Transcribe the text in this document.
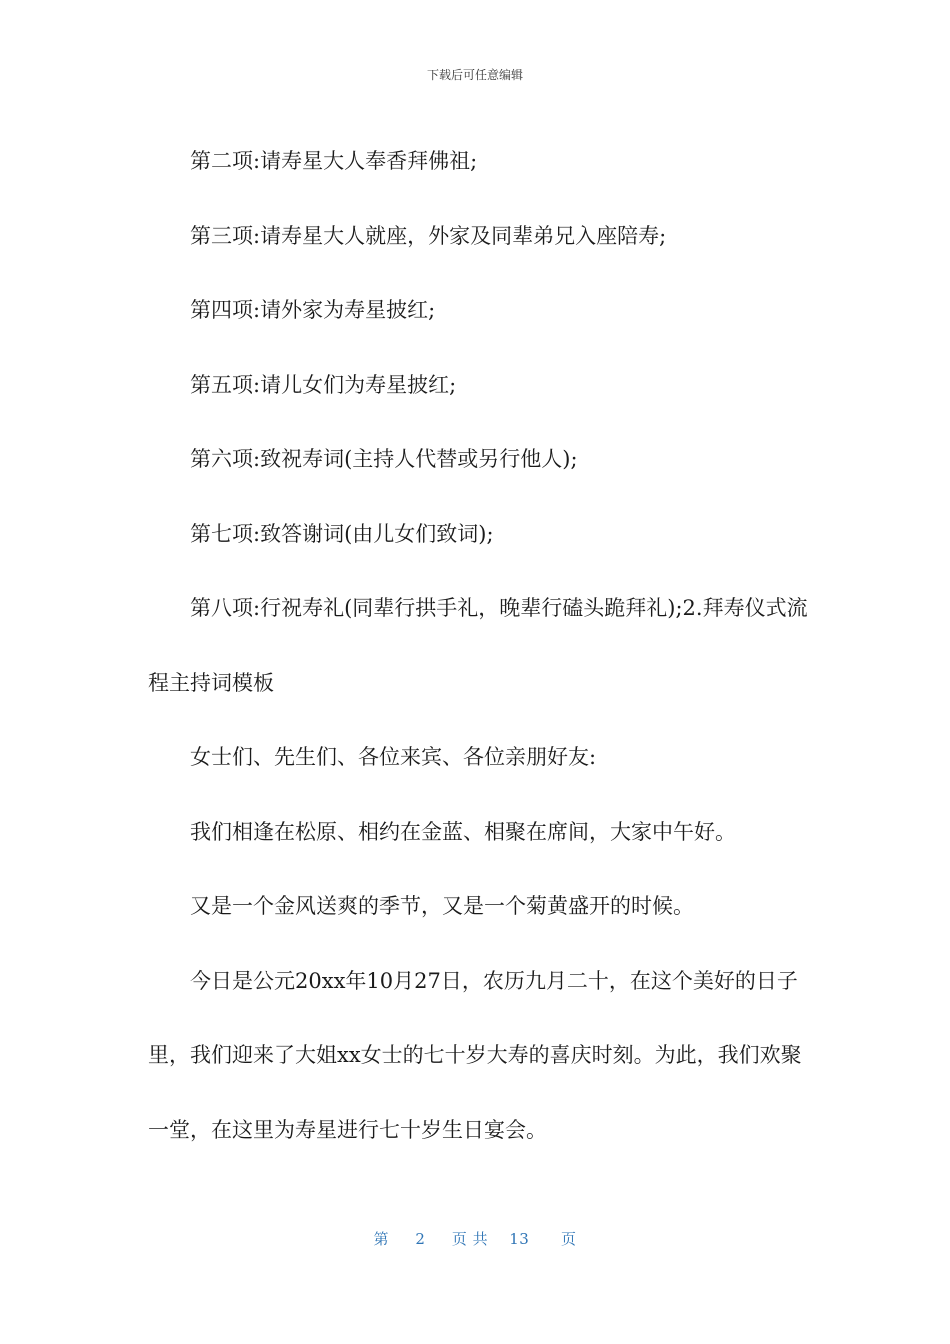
下载后可任意编辑

第二项:请寿星大人奉香拜佛祖;

第三项:请寿星大人就座，外家及同辈弟兄入座陪寿;

第四项:请外家为寿星披红;

第五项:请儿女们为寿星披红;

第六项:致祝寿词(主持人代替或另行他人);

第七项:致答谢词(由儿女们致词);

第八项:行祝寿礼(同辈行拱手礼，晚辈行磕头跪拜礼);2.拜寿仪式流程主持词模板

女士们、先生们、各位来宾、各位亲朋好友:

我们相逢在松原、相约在金蓝、相聚在席间，大家中午好。

又是一个金风送爽的季节，又是一个菊黄盛开的时候。

今日是公元20xx年10月27日，农历九月二十，在这个美好的日子里，我们迎来了大姐xx女士的七十岁大寿的喜庆时刻。为此，我们欢聚一堂，在这里为寿星进行七十岁生日宴会。

第 2 页 共 13 页
